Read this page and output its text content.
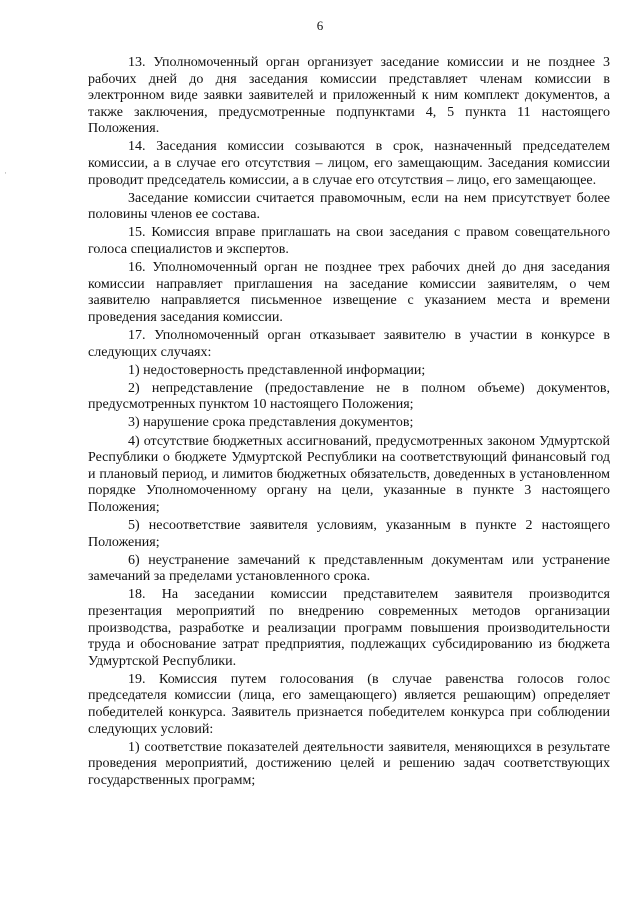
6
·

13. Уполномоченный орган организует заседание комиссии и не позднее 3 рабочих дней до дня заседания комиссии представляет членам комиссии в электронном виде заявки заявителей и приложенный к ним комплект документов, а также заключения, предусмотренные подпунктами 4, 5 пункта 11 настоящего Положения.

14. Заседания комиссии созываются в срок, назначенный председателем комиссии, а в случае его отсутствия – лицом, его замещающим. Заседания комиссии проводит председатель комиссии, а в случае его отсутствия – лицо, его замещающее.

Заседание комиссии считается правомочным, если на нем присутствует более половины членов ее состава.

15. Комиссия вправе приглашать на свои заседания с правом совещательного голоса специалистов и экспертов.

16. Уполномоченный орган не позднее трех рабочих дней до дня заседания комиссии направляет приглашения на заседание комиссии заявителям, о чем заявителю направляется письменное извещение с указанием места и времени проведения заседания комиссии.

17. Уполномоченный орган отказывает заявителю в участии в конкурсе в следующих случаях:

1) недостоверность представленной информации;

2) непредставление (предоставление не в полном объеме) документов, предусмотренных пунктом 10 настоящего Положения;

3) нарушение срока представления документов;

4) отсутствие бюджетных ассигнований, предусмотренных законом Удмуртской Республики о бюджете Удмуртской Республики на соответствующий финансовый год и плановый период, и лимитов бюджетных обязательств, доведенных в установленном порядке Уполномоченному органу на цели, указанные в пункте 3 настоящего Положения;

5) несоответствие заявителя условиям, указанным в пункте 2 настоящего Положения;

6) неустранение замечаний к представленным документам или устранение замечаний за пределами установленного срока.

18. На заседании комиссии представителем заявителя производится презентация мероприятий по внедрению современных методов организации производства, разработке и реализации программ повышения производительности труда и обоснование затрат предприятия, подлежащих субсидированию из бюджета Удмуртской Республики.

19. Комиссия путем голосования (в случае равенства голосов голос председателя комиссии (лица, его замещающего) является решающим) определяет победителей конкурса. Заявитель признается победителем конкурса при соблюдении следующих условий:

1) соответствие показателей деятельности заявителя, меняющихся в результате проведения мероприятий, достижению целей и решению задач соответствующих государственных программ;
